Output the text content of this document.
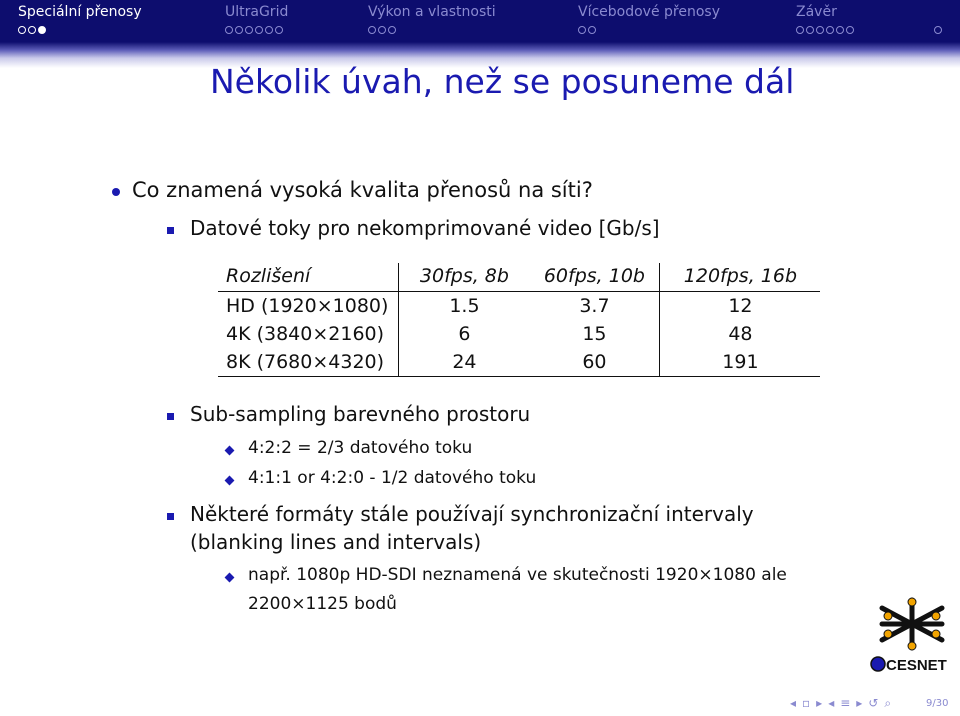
Speciální přenosy	UltraGrid	Výkon a vlastnosti	Vícebodové přenosy	Závěr
Několik úvah, než se posuneme dál
Co znamená vysoká kvalita přenosů na síti?
Datové toky pro nekomprimované video [Gb/s]
Rozlišení	30fps, 8b	60fps, 10b	120fps, 16b
HD (1920×1080)	1.5	3.7	12
4K (3840×2160)	6	15	48
8K (7680×4320)	24	60	191
Sub-sampling barevného prostoru
4:2:2 = 2/3 datového toku
4:1:1 or 4:2:0 - 1/2 datového toku
Některé formáty stále používají synchronizační intervaly
(blanking lines and intervals)
např. 1080p HD-SDI neznamená ve skutečnosti 1920×1080 ale
2200×1125 bodů
CESNET
◂ ▫ ▸ ◂ ≡ ▸ ↺ ⌕	9/30
